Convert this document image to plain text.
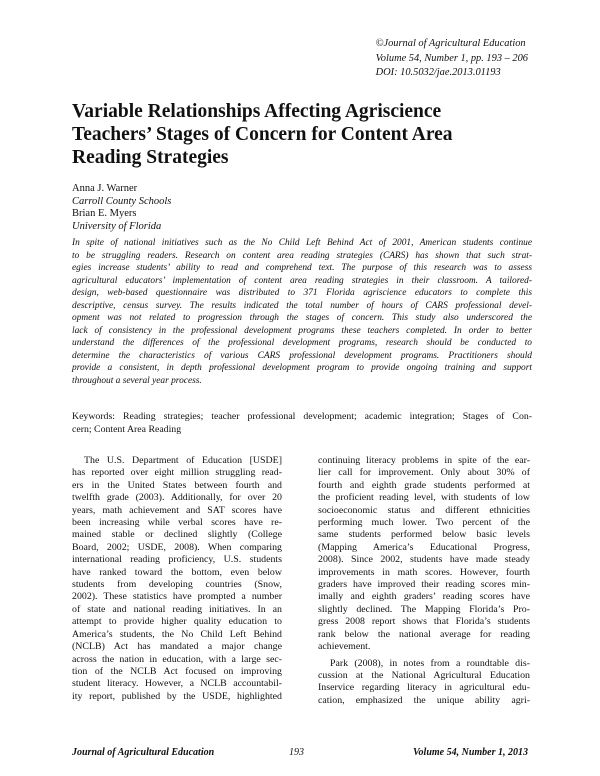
©Journal of Agricultural Education
Volume 54, Number 1, pp. 193 – 206
DOI: 10.5032/jae.2013.01193
Variable Relationships Affecting Agriscience
Teachers’ Stages of Concern for Content Area
Reading Strategies
Anna J. Warner
Carroll County Schools
Brian E. Myers
University of Florida
In spite of national initiatives such as the No Child Left Behind Act of 2001, American students continue
to be struggling readers. Research on content area reading strategies (CARS) has shown that such strat-
egies increase students’ ability to read and comprehend text. The purpose of this research was to assess
agricultural educators’ implementation of content area reading strategies in their classroom. A tailored-
design, web-based questionnaire was distributed to 371 Florida agriscience educators to complete this
descriptive, census survey. The results indicated the total number of hours of CARS professional devel-
opment was not related to progression through the stages of concern. This study also underscored the
lack of consistency in the professional development programs these teachers completed. In order to better
understand the differences of the professional development programs, research should be conducted to
determine the characteristics of various CARS professional development programs. Practitioners should
provide a consistent, in depth professional development program to provide ongoing training and support
throughout a several year process.
Keywords: Reading strategies; teacher professional development; academic integration; Stages of Con-
cern; Content Area Reading
The U.S. Department of Education [USDE]
has reported over eight million struggling read-
ers in the United States between fourth and
twelfth grade (2003). Additionally, for over 20
years, math achievement and SAT scores have
been increasing while verbal scores have re-
mained stable or declined slightly (College
Board, 2002; USDE, 2008). When comparing
international reading proficiency, U.S. students
have ranked toward the bottom, even below
students from developing countries (Snow,
2002). These statistics have prompted a number
of state and national reading initiatives. In an
attempt to provide higher quality education to
America’s students, the No Child Left Behind
(NCLB) Act has mandated a major change
across the nation in education, with a large sec-
tion of the NCLB Act focused on improving
student literacy. However, a NCLB accountabil-
ity report, published by the USDE, highlighted
continuing literacy problems in spite of the ear-
lier call for improvement. Only about 30% of
fourth and eighth grade students performed at
the proficient reading level, with students of low
socioeconomic status and different ethnicities
performing much lower. Two percent of the
same students performed below basic levels
(Mapping America’s Educational Progress,
2008). Since 2002, students have made steady
improvements in math scores. However, fourth
graders have improved their reading scores min-
imally and eighth graders’ reading scores have
slightly declined. The Mapping Florida’s Pro-
gress 2008 report shows that Florida’s students
rank below the national average for reading
achievement.
Park (2008), in notes from a roundtable dis-
cussion at the National Agricultural Education
Inservice regarding literacy in agricultural edu-
cation, emphasized the unique ability agri-
Journal of Agricultural Education	193	Volume 54, Number 1, 2013
